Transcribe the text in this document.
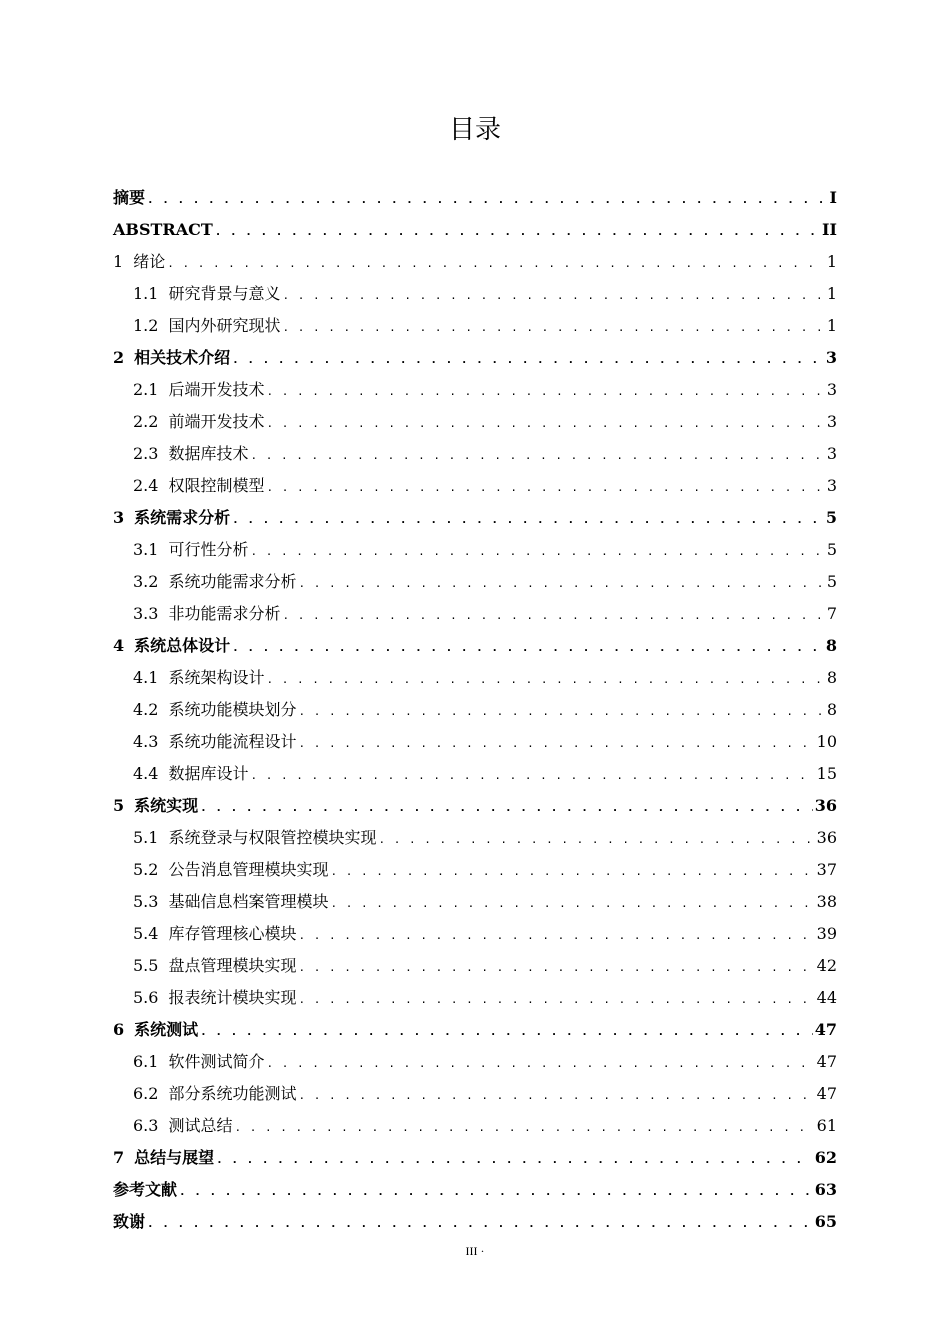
目录
摘要 . . .	I
ABSTRACT . . .	II
1 绪论 . . .	1
1.1 研究背景与意义 . . .	1
1.2 国内外研究现状 . . .	1
2 相关技术介绍 . . .	3
2.1 后端开发技术 . . .	3
2.2 前端开发技术 . . .	3
2.3 数据库技术 . . .	3
2.4 权限控制模型 . . .	3
3 系统需求分析 . . .	5
3.1 可行性分析 . . .	5
3.2 系统功能需求分析 . . .	5
3.3 非功能需求分析 . . .	7
4 系统总体设计 . . .	8
4.1 系统架构设计 . . .	8
4.2 系统功能模块划分 . . .	8
4.3 系统功能流程设计 . . .	10
4.4 数据库设计 . . .	15
5 系统实现 . . .	36
5.1 系统登录与权限管控模块实现 . . .	36
5.2 公告消息管理模块实现 . . .	37
5.3 基础信息档案管理模块 . . .	38
5.4 库存管理核心模块 . . .	39
5.5 盘点管理模块实现 . . .	42
5.6 报表统计模块实现 . . .	44
6 系统测试 . . .	47
6.1 软件测试简介 . . .	47
6.2 部分系统功能测试 . . .	47
6.3 测试总结 . . .	61
7 总结与展望 . . .	62
参考文献 . . .	63
致谢 . . .	65
III ·
